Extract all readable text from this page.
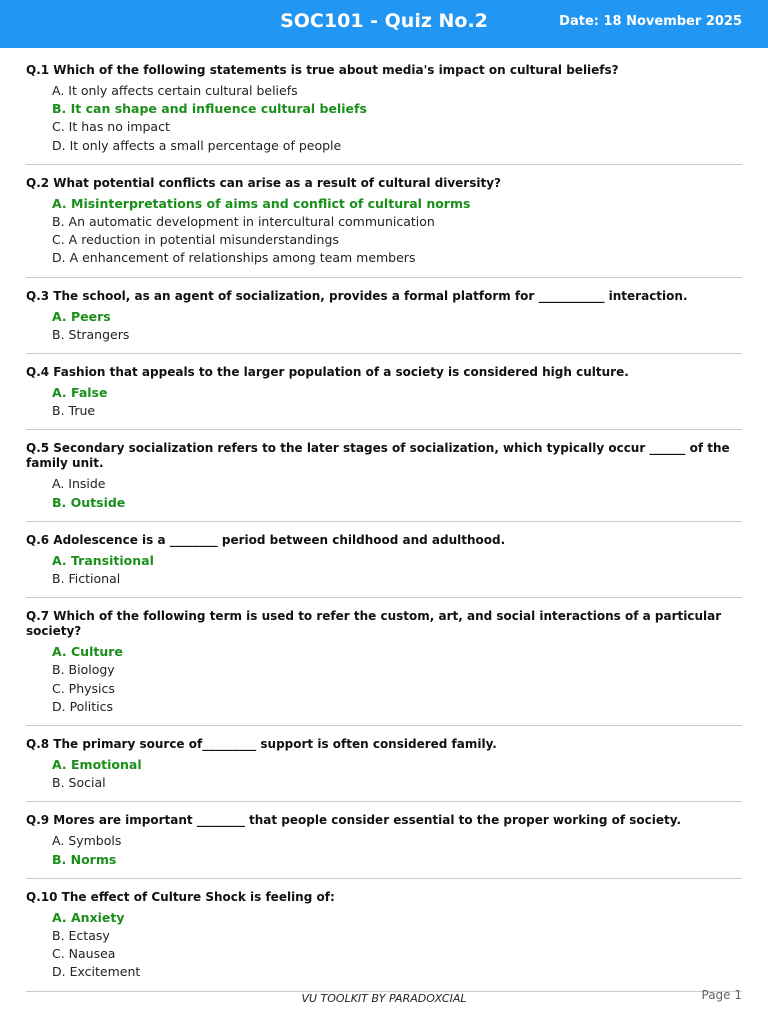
SOC101 - Quiz No.2	Date: 18 November 2025
Q.1 Which of the following statements is true about media's impact on cultural beliefs?
A. It only affects certain cultural beliefs
B. It can shape and influence cultural beliefs
C. It has no impact
D. It only affects a small percentage of people
Q.2 What potential conflicts can arise as a result of cultural diversity?
A. Misinterpretations of aims and conflict of cultural norms
B. An automatic development in intercultural communication
C. A reduction in potential misunderstandings
D. A enhancement of relationships among team members
Q.3 The school, as an agent of socialization, provides a formal platform for ___________ interaction.
A. Peers
B. Strangers
Q.4 Fashion that appeals to the larger population of a society is considered high culture.
A. False
B. True
Q.5 Secondary socialization refers to the later stages of socialization, which typically occur ______ of the family unit.
A. Inside
B. Outside
Q.6 Adolescence is a ________ period between childhood and adulthood.
A. Transitional
B. Fictional
Q.7 Which of the following term is used to refer the custom, art, and social interactions of a particular society?
A. Culture
B. Biology
C. Physics
D. Politics
Q.8 The primary source of_________ support is often considered family.
A. Emotional
B. Social
Q.9 Mores are important ________ that people consider essential to the proper working of society.
A. Symbols
B. Norms
Q.10 The effect of Culture Shock is feeling of:
A. Anxiety
B. Ectasy
C. Nausea
D. Excitement
VU TOOLKIT BY PARADOXCIAL	Page 1
